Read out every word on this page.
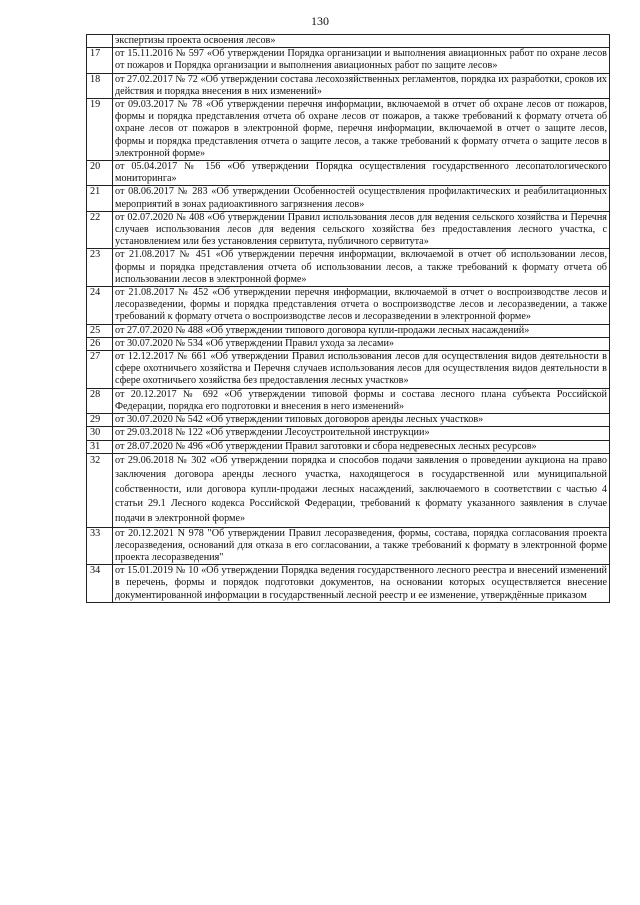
130
	экспертизы проекта освоения лесов»
17	от 15.11.2016 № 597 «Об утверждении Порядка организации и выполнения авиационных работ по охране лесов от пожаров и Порядка организации и выполнения авиационных работ по защите лесов»
18	от 27.02.2017 № 72 «Об утверждении состава лесохозяйственных регламентов, порядка их разработки, сроков их действия и порядка внесения в них изменений»
19	от 09.03.2017 № 78 «Об утверждении перечня информации, включаемой в отчет об охране лесов от пожаров, формы и порядка представления отчета об охране лесов от пожаров, а также требований к формату отчета об охране лесов от пожаров в электронной форме, перечня информации, включаемой в отчет о защите лесов, формы и порядка представления отчета о защите лесов, а также требований к формату отчета о защите лесов в электронной форме»
20	от 05.04.2017 № 156 «Об утверждении Порядка осуществления государственного лесопатологического мониторинга»
21	от 08.06.2017 № 283 «Об утверждении Особенностей осуществления профилактических и реабилитационных мероприятий в зонах радиоактивного загрязнения лесов»
22	от 02.07.2020 № 408 «Об утверждении Правил использования лесов для ведения сельского хозяйства и Перечня случаев использования лесов для ведения сельского хозяйства без предоставления лесного участка, с установлением или без установления сервитута, публичного сервитута»
23	от 21.08.2017 № 451 «Об утверждении перечня информации, включаемой в отчет об использовании лесов, формы и порядка представления отчета об использовании лесов, а также требований к формату отчета об использовании лесов в электронной форме»
24	от 21.08.2017 № 452 «Об утверждении перечня информации, включаемой в отчет о воспроизводстве лесов и лесоразведении, формы и порядка представления отчета о воспроизводстве лесов и лесоразведении, а также требований к формату отчета о воспроизводстве лесов и лесоразведении в электронной форме»
25	от 27.07.2020 № 488 «Об утверждении типового договора купли-продажи лесных насаждений»
26	от 30.07.2020 № 534 «Об утверждении Правил ухода за лесами»
27	от 12.12.2017 № 661 «Об утверждении Правил использования лесов для осуществления видов деятельности в сфере охотничьего хозяйства и Перечня случаев использования лесов для осуществления видов деятельности в сфере охотничьего хозяйства без предоставления лесных участков»
28	от 20.12.2017 № 692 «Об утверждении типовой формы и состава лесного плана субъекта Российской Федерации, порядка его подготовки и внесения в него изменений»
29	от 30.07.2020 № 542 «Об утверждении типовых договоров аренды лесных участков»
30	от 29.03.2018 № 122 «Об утверждении Лесоустроительной инструкции»
31	от 28.07.2020 № 496 «Об утверждении Правил заготовки и сбора недревесных лесных ресурсов»
32	от 29.06.2018 № 302 «Об утверждении порядка и способов подачи заявления о проведении аукциона на право заключения договора аренды лесного участка, находящегося в государственной или муниципальной собственности, или договора купли-продажи лесных насаждений, заключаемого в соответствии с частью 4 статьи 29.1 Лесного кодекса Российской Федерации, требований к формату указанного заявления в случае подачи в электронной форме»
33	от 20.12.2021 N 978 "Об утверждении Правил лесоразведения, формы, состава, порядка согласования проекта лесоразведения, оснований для отказа в его согласовании, а также требований к формату в электронной форме проекта лесоразведения"
34	от 15.01.2019 № 10 «Об утверждении Порядка ведения государственного лесного реестра и внесений изменений в перечень, формы и порядок подготовки документов, на основании которых осуществляется внесение документированной информации в государственный лесной реестр и ее изменение, утверждённые приказом
